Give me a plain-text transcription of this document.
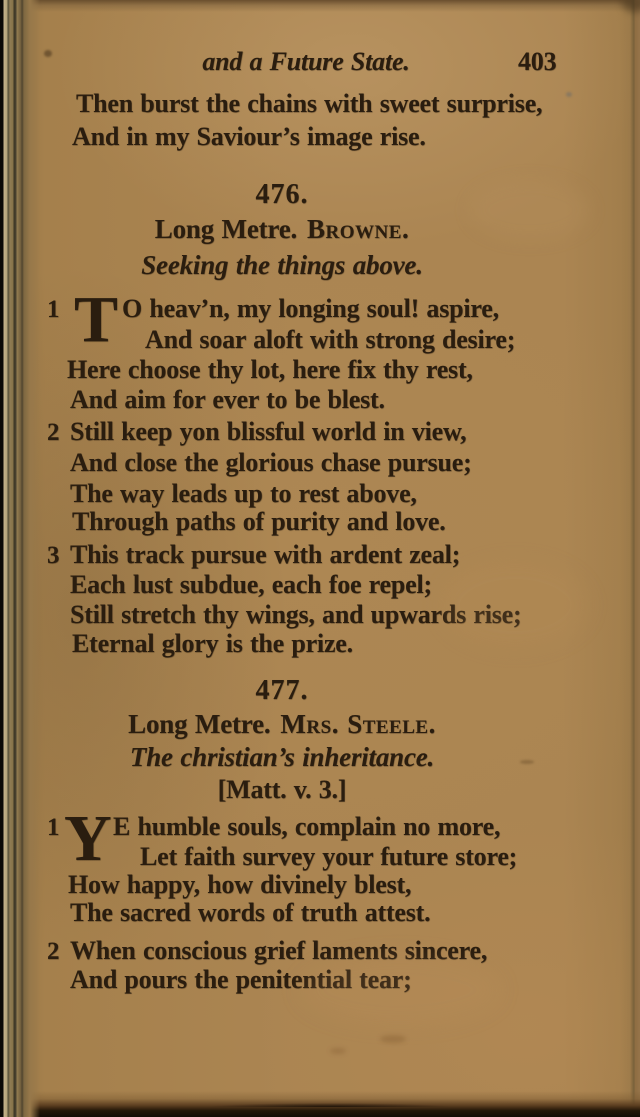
and a Future State.	403
Then burst the chains with sweet surprise,
And in my Saviour’s image rise.
476.
Long Metre. Browne.
Seeking the things above.
1 T O heav’n, my longing soul! aspire,
And soar aloft with strong desire;
Here choose thy lot, here fix thy rest,
And aim for ever to be blest.
2 Still keep yon blissful world in view,
And close the glorious chase pursue;
The way leads up to rest above,
Through paths of purity and love.
3 This track pursue with ardent zeal;
Each lust subdue, each foe repel;
Still stretch thy wings, and upwards rise;
Eternal glory is the prize.
477.
Long Metre. Mrs. Steele.
The christian’s inheritance.
[Matt. v. 3.]
1 Y E humble souls, complain no more,
Let faith survey your future store;
How happy, how divinely blest,
The sacred words of truth attest.
2 When conscious grief laments sincere,
And pours the penitential tear;
